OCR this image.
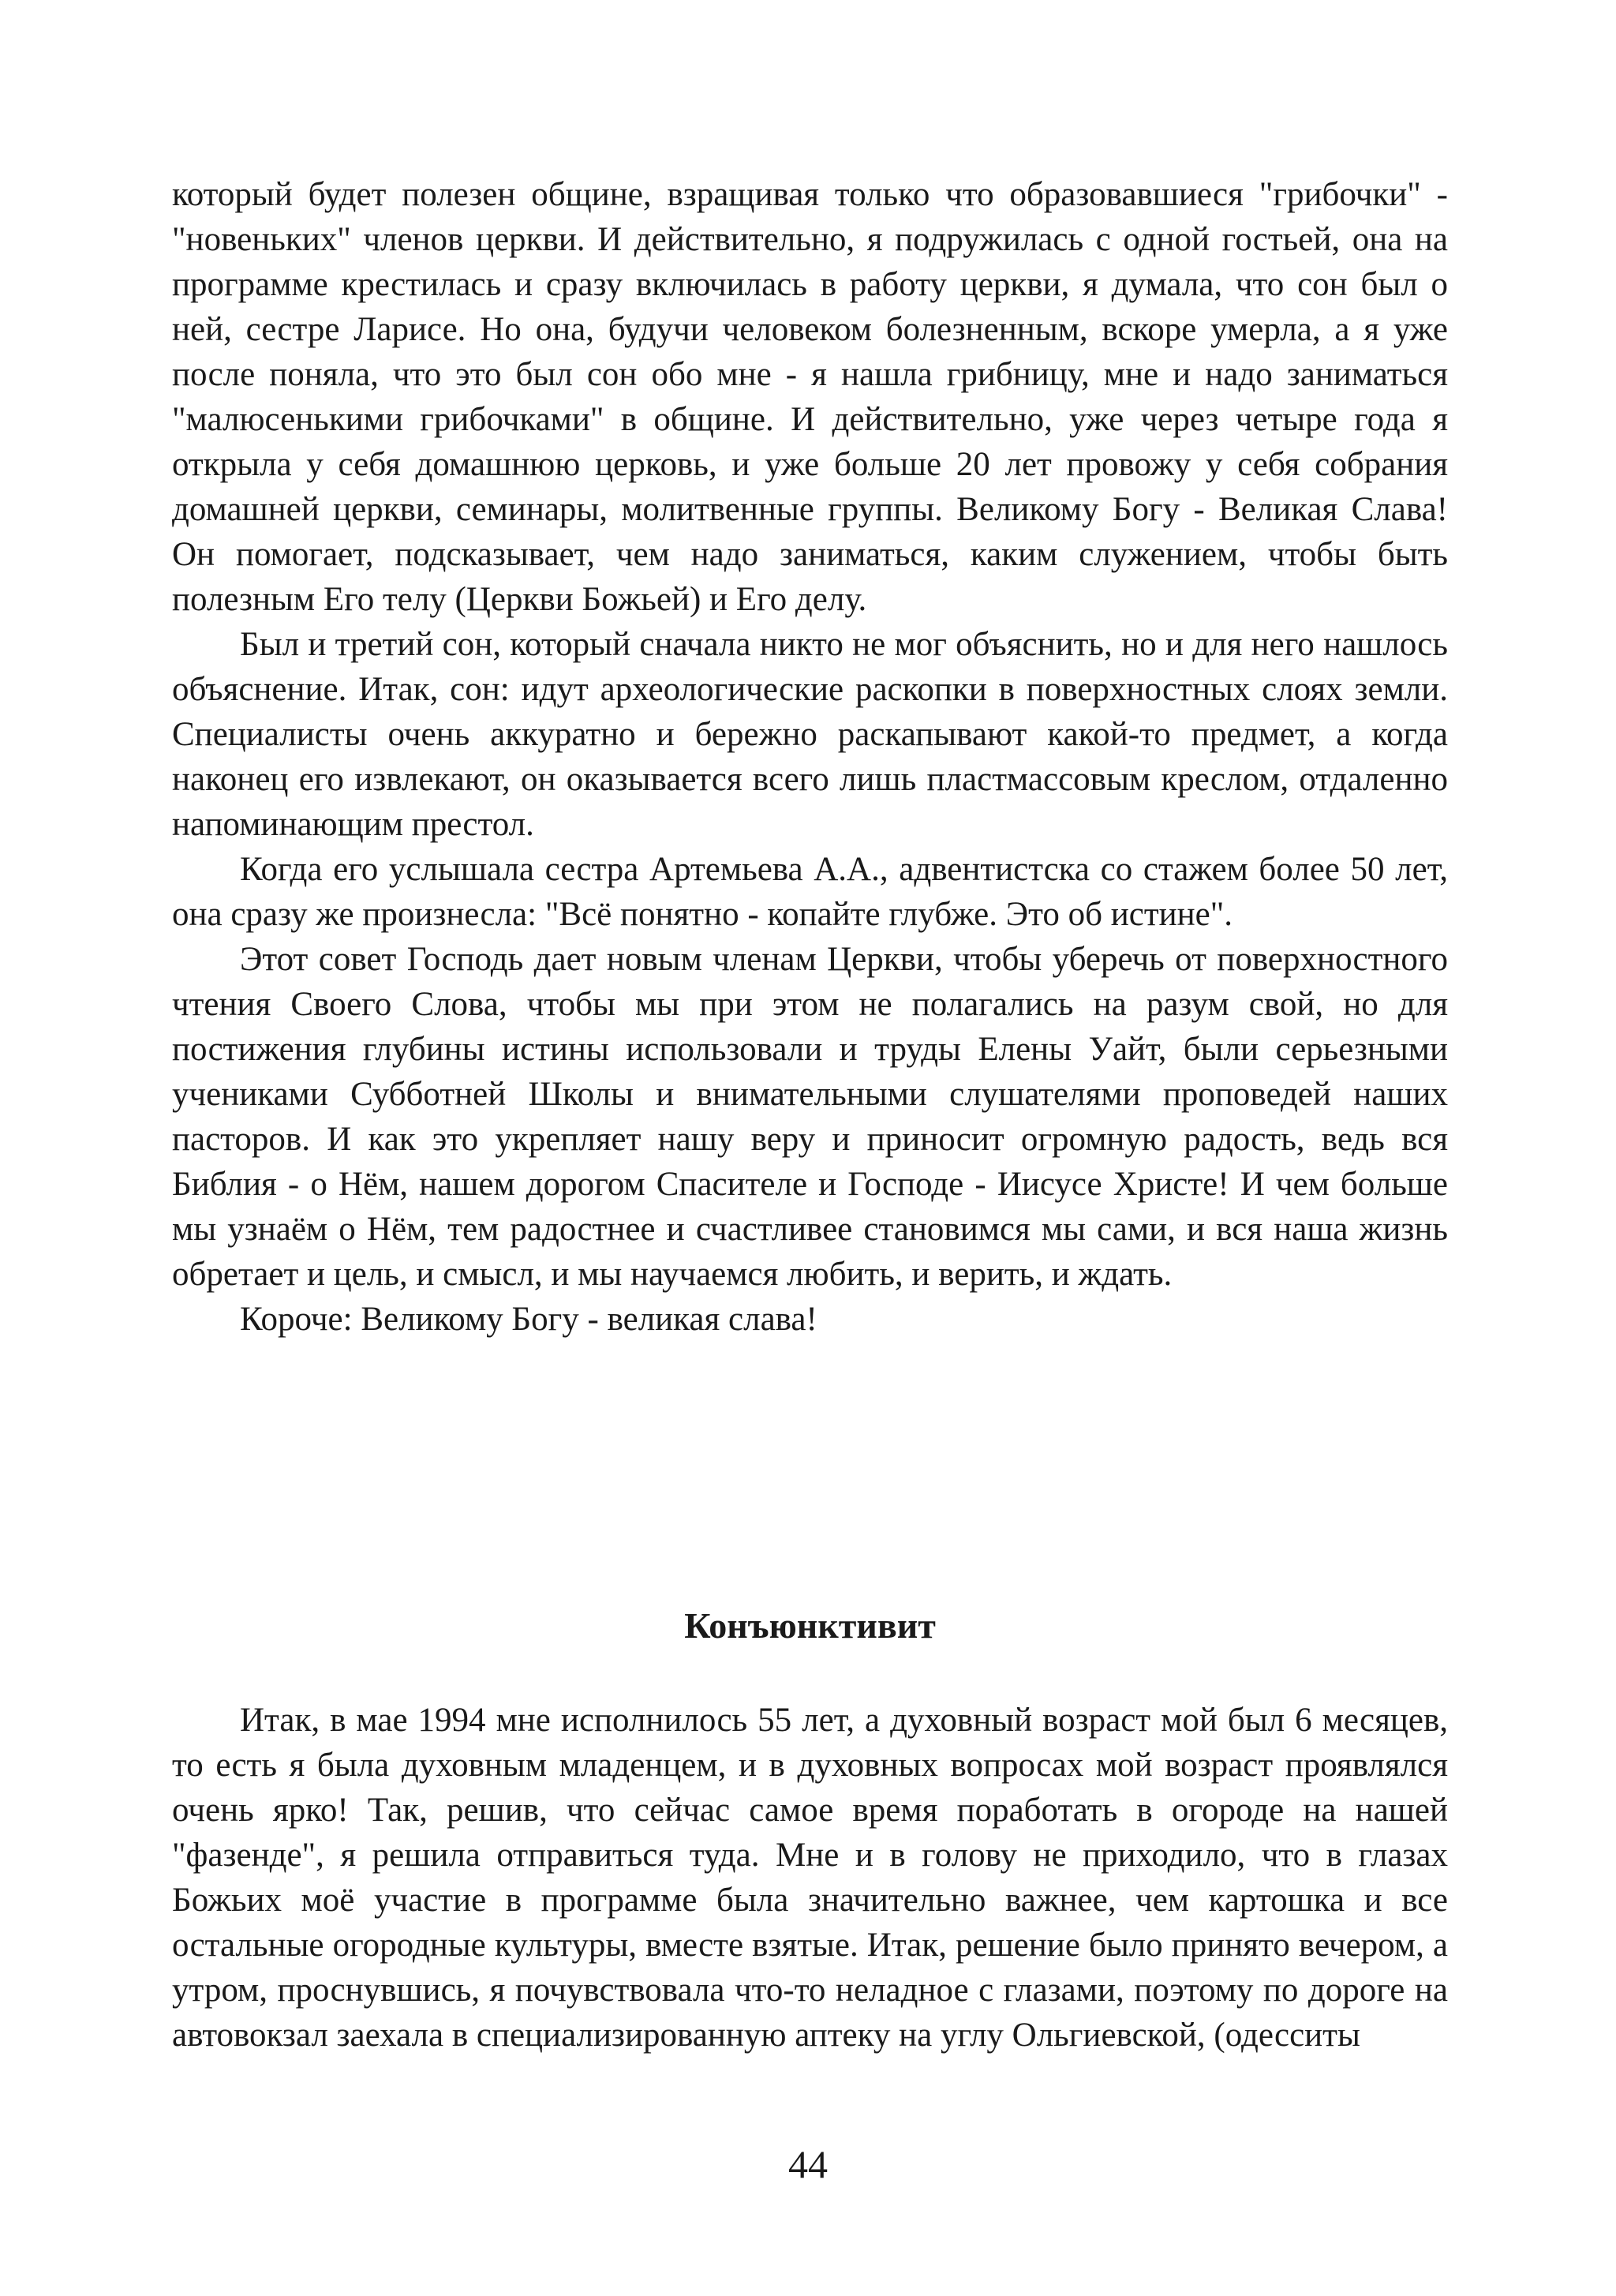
который будет полезен общине, взращивая только что образовавшиеся "грибочки" - "новеньких" членов церкви. И действительно, я подружилась с одной гостьей, она на программе крестилась и сразу включилась в работу церкви, я думала, что сон был о ней, сестре Ларисе. Но она, будучи человеком болезненным, вскоре умерла, а я уже после поняла, что это был сон обо мне - я нашла грибницу, мне и надо заниматься "малюсенькими грибочками" в общине. И действительно, уже через четыре года я открыла у себя домашнюю церковь, и уже больше 20 лет провожу у себя собрания домашней церкви, семинары, молитвенные группы. Великому Богу - Великая Слава! Он помогает, подсказывает, чем надо заниматься, каким служением, чтобы быть полезным Его телу (Церкви Божьей) и Его делу.

Был и третий сон, который сначала никто не мог объяснить, но и для него нашлось объяснение. Итак, сон: идут археологические раскопки в поверхностных слоях земли. Специалисты очень аккуратно и бережно раскапывают какой-то предмет, а когда наконец его извлекают, он оказывается всего лишь пластмассовым креслом, отдаленно напоминающим престол.

Когда его услышала сестра Артемьева А.А., адвентистска со стажем более 50 лет, она сразу же произнесла: "Всё понятно - копайте глубже. Это об истине".

Этот совет Господь дает новым членам Церкви, чтобы уберечь от поверхностного чтения Своего Слова, чтобы мы при этом не полагались на разум свой, но для постижения глубины истины использовали и труды Елены Уайт, были серьезными учениками Субботней Школы и внимательными слушателями проповедей наших пасторов. И как это укрепляет нашу веру и приносит огромную радость, ведь вся Библия - о Нём, нашем дорогом Спасителе и Господе - Иисусе Христе! И чем больше мы узнаём о Нём, тем радостнее и счастливее становимся мы сами, и вся наша жизнь обретает и цель, и смысл, и мы научаемся любить, и верить, и ждать.

Короче: Великому Богу - великая слава!

Конъюнктивит

Итак, в мае 1994 мне исполнилось 55 лет, а духовный возраст мой был 6 месяцев, то есть я была духовным младенцем, и в духовных вопросах мой возраст проявлялся очень ярко! Так, решив, что сейчас самое время поработать в огороде на нашей "фазенде", я решила отправиться туда. Мне и в голову не приходило, что в глазах Божьих моё участие в программе была значительно важнее, чем картошка и все остальные огородные культуры, вместе взятые. Итак, решение было принято вечером, а утром, проснувшись, я почувствовала что-то неладное с глазами, поэтому по дороге на автовокзал заехала в специализированную аптеку на углу Ольгиевской, (одесситы

44
